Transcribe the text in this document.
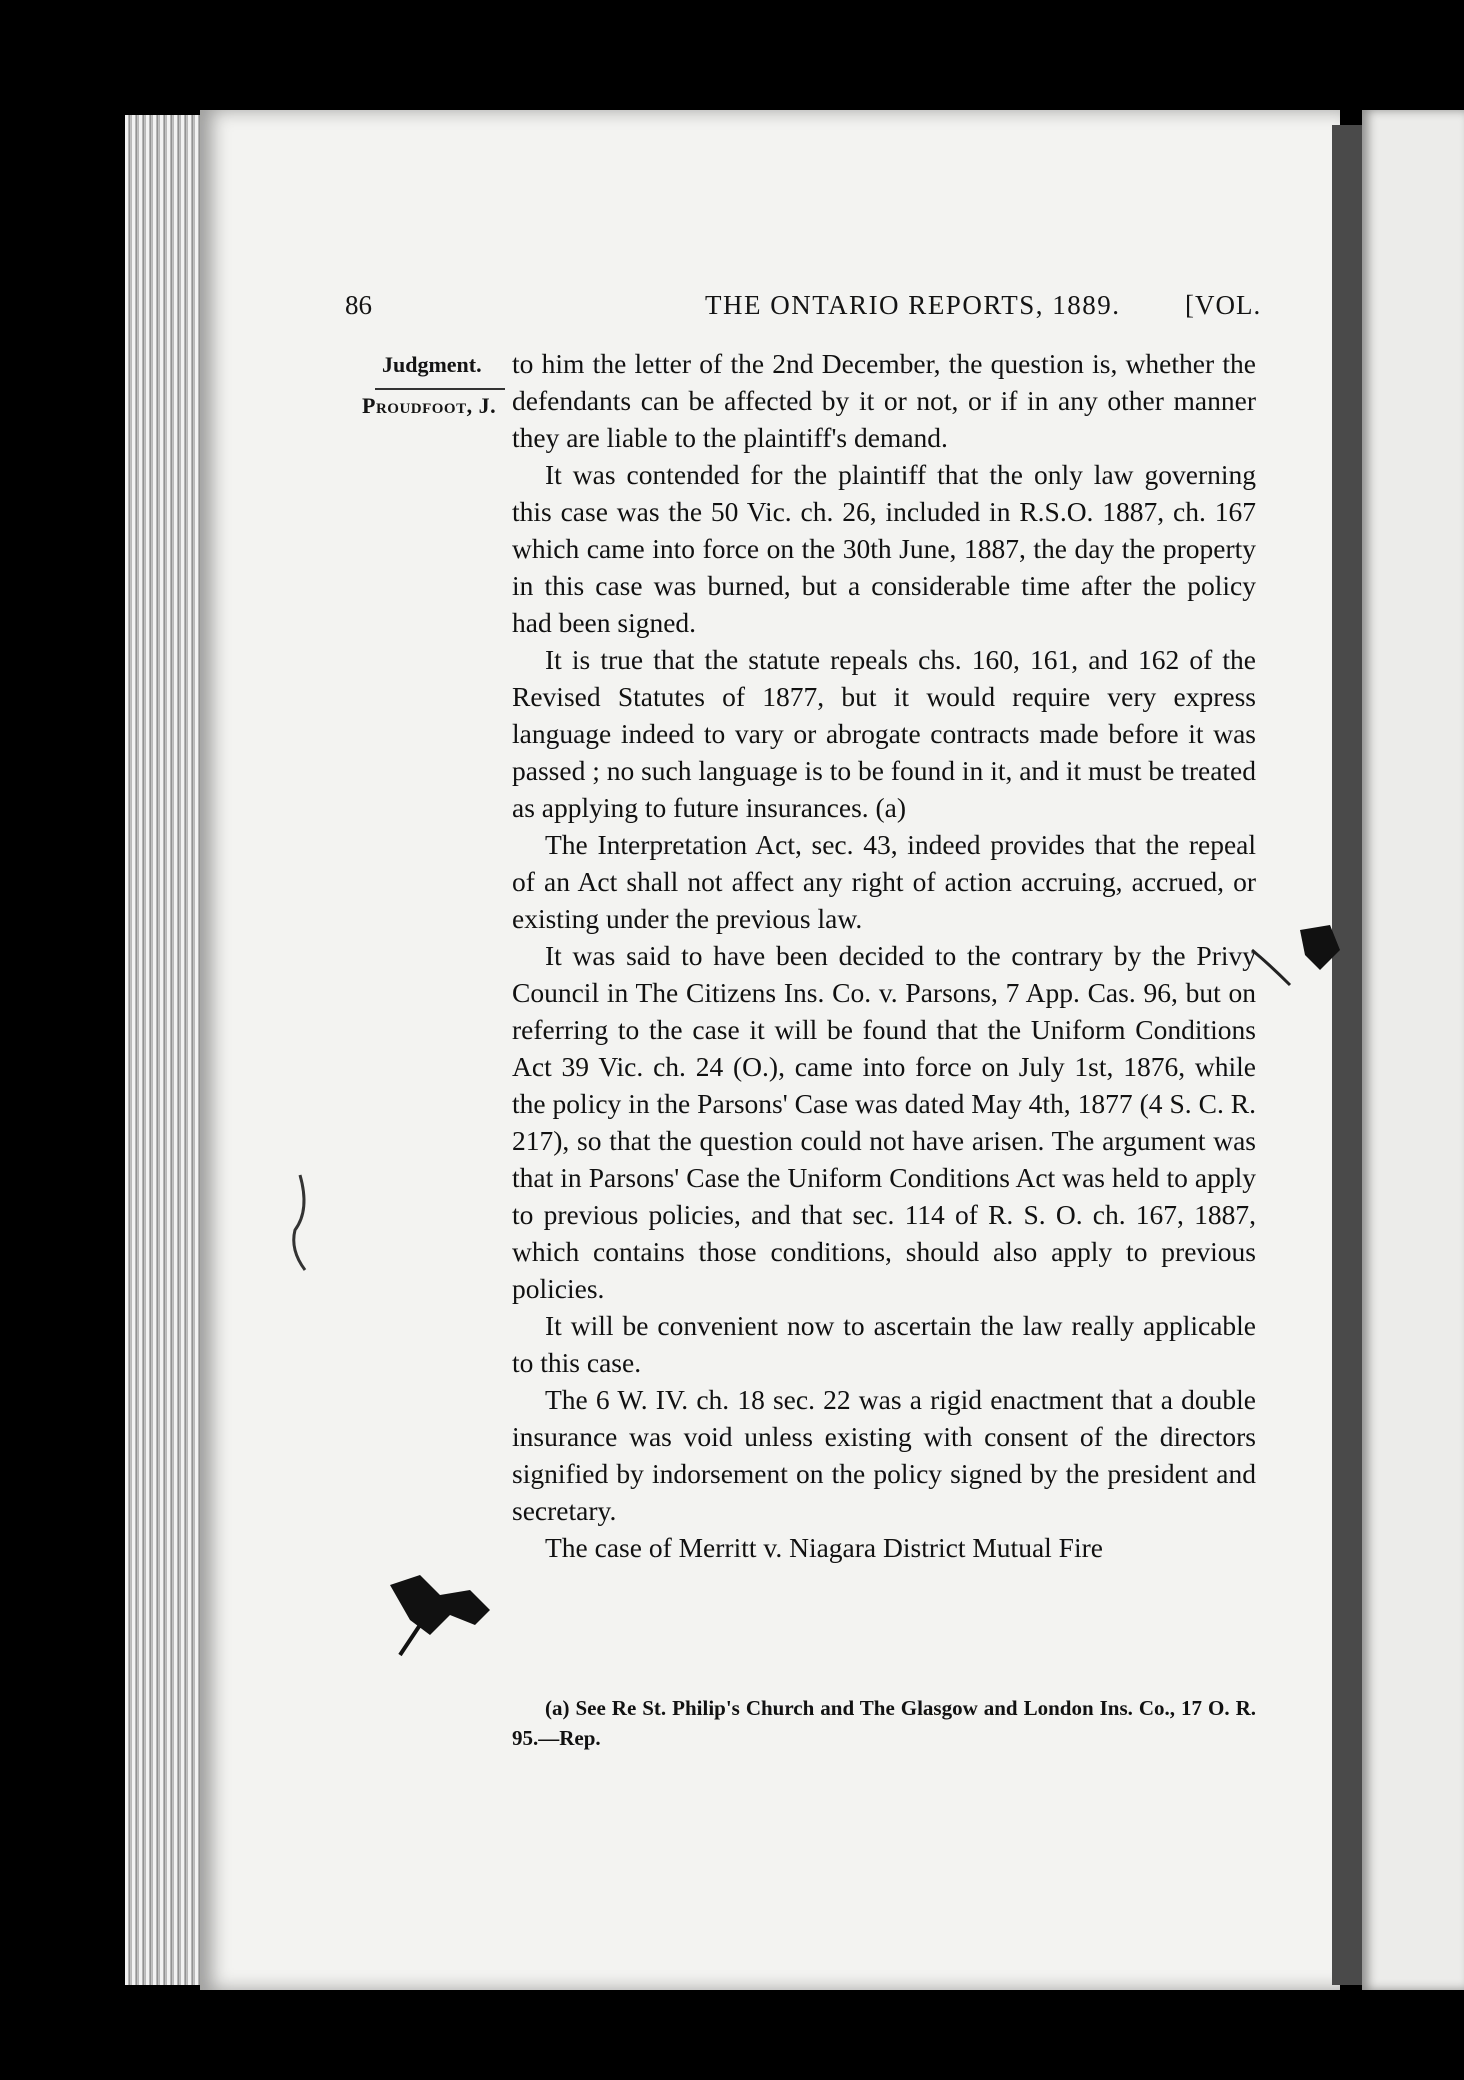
86	THE ONTARIO REPORTS, 1889. [VOL.
Judgment.
Proudfoot, J.

to him the letter of the 2nd December, the question is, whether the defendants can be affected by it or not, or if in any other manner they are liable to the plaintiff's demand.

It was contended for the plaintiff that the only law governing this case was the 50 Vic. ch. 26, included in R.S.O. 1887, ch. 167 which came into force on the 30th June, 1887, the day the property in this case was burned, but a considerable time after the policy had been signed.

It is true that the statute repeals chs. 160, 161, and 162 of the Revised Statutes of 1877, but it would require very express language indeed to vary or abrogate contracts made before it was passed ; no such language is to be found in it, and it must be treated as applying to future insurances. (a)

The Interpretation Act, sec. 43, indeed provides that the repeal of an Act shall not affect any right of action accruing, accrued, or existing under the previous law.

It was said to have been decided to the contrary by the Privy Council in The Citizens Ins. Co. v. Parsons, 7 App. Cas. 96, but on referring to the case it will be found that the Uniform Conditions Act 39 Vic. ch. 24 (O.), came into force on July 1st, 1876, while the policy in the Parsons' Case was dated May 4th, 1877 (4 S. C. R. 217), so that the question could not have arisen. The argument was that in Parsons' Case the Uniform Conditions Act was held to apply to previous policies, and that sec. 114 of R. S. O. ch. 167, 1887, which contains those conditions, should also apply to previous policies.

It will be convenient now to ascertain the law really applicable to this case.

The 6 W. IV. ch. 18 sec. 22 was a rigid enactment that a double insurance was void unless existing with consent of the directors signified by indorsement on the policy signed by the president and secretary.

The case of Merritt v. Niagara District Mutual Fire

(a) See Re St. Philip's Church and The Glasgow and London Ins. Co., 17 O. R. 95.—Rep.
